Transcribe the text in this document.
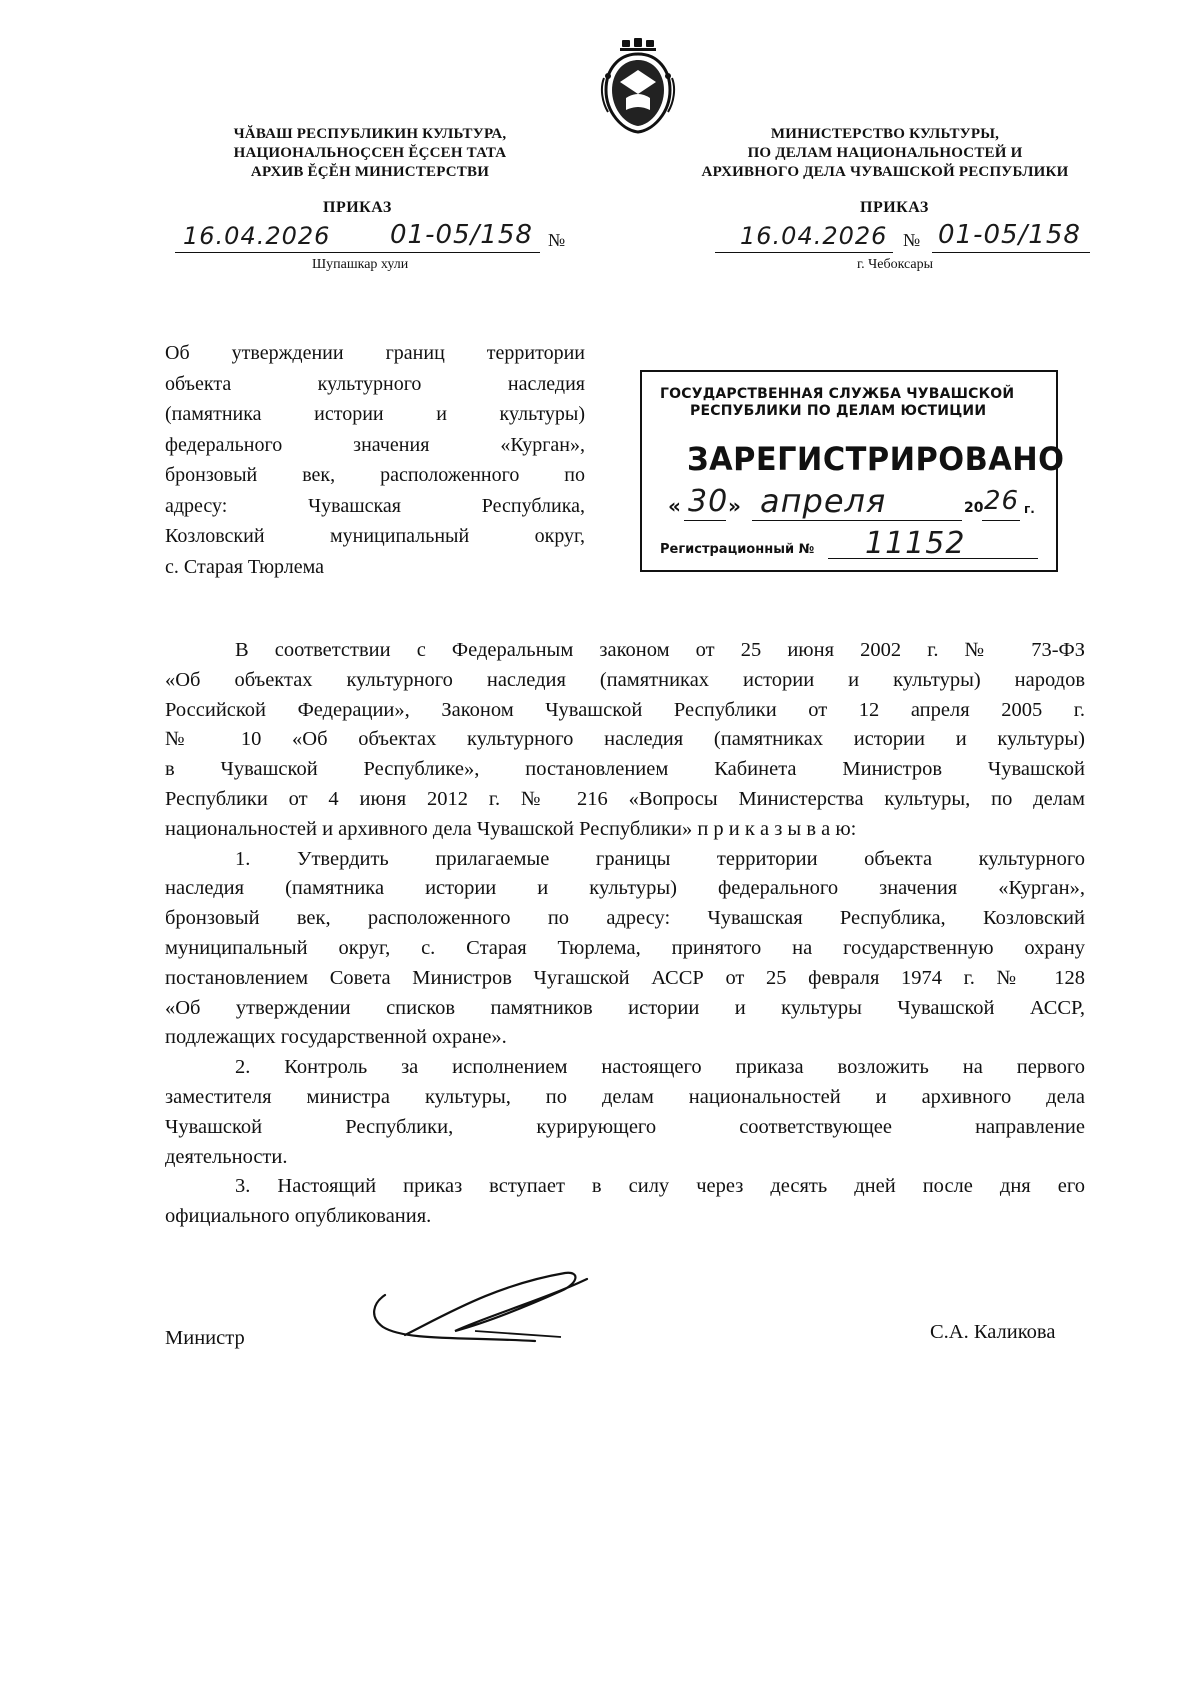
ЧĂВАШ РЕСПУБЛИКИН КУЛЬТУРА,
НАЦИОНАЛЬНОҪСЕН ĔҪСЕН ТАТА
АРХИВ ĔҪĔН МИНИСТЕРСТВИ
МИНИСТЕРСТВО КУЛЬТУРЫ,
ПО ДЕЛАМ НАЦИОНАЛЬНОСТЕЙ И
АРХИВНОГО ДЕЛА ЧУВАШСКОЙ РЕСПУБЛИКИ
ПРИКАЗ	ПРИКАЗ
16.04.2026 01-05/158 №
Шупашкар хули
16.04.2026 № 01-05/158
г. Чебоксары
Об утверждении границ территории
объекта культурного наследия
(памятника истории и культуры)
федерального значения «Курган»,
бронзовый век, расположенного по
адресу: Чувашская Республика,
Козловский муниципальный округ,
с. Старая Тюрлема
ГОСУДАРСТВЕННАЯ СЛУЖБА ЧУВАШСКОЙ
РЕСПУБЛИКИ ПО ДЕЛАМ ЮСТИЦИИ
ЗАРЕГИСТРИРОВАНО
« 30 » апреля	20 26 г.
Регистрационный № 11152
В соответствии с Федеральным законом от 25 июня 2002 г. № 73-ФЗ
«Об объектах культурного наследия (памятниках истории и культуры) народов
Российской Федерации», Законом Чувашской Республики от 12 апреля 2005 г.
№ 10 «Об объектах культурного наследия (памятниках истории и культуры)
в Чувашской Республике», постановлением Кабинета Министров Чувашской
Республики от 4 июня 2012 г. № 216 «Вопросы Министерства культуры, по делам
национальностей и архивного дела Чувашской Республики» п р и к а з ы в а ю:
1. Утвердить прилагаемые границы территории объекта культурного
наследия (памятника истории и культуры) федерального значения «Курган»,
бронзовый век, расположенного по адресу: Чувашская Республика, Козловский
муниципальный округ, с. Старая Тюрлема, принятого на государственную охрану
постановлением Совета Министров Чугашской АССР от 25 февраля 1974 г. № 128
«Об утверждении списков памятников истории и культуры Чувашской АССР,
подлежащих государственной охране».
2. Контроль за исполнением настоящего приказа возложить на первого
заместителя министра культуры, по делам национальностей и архивного дела
Чувашской Республики, курирующего соответствующее направление
деятельности.
3. Настоящий приказ вступает в силу через десять дней после дня его
официального опубликования.
Министр	С.А. Каликова
